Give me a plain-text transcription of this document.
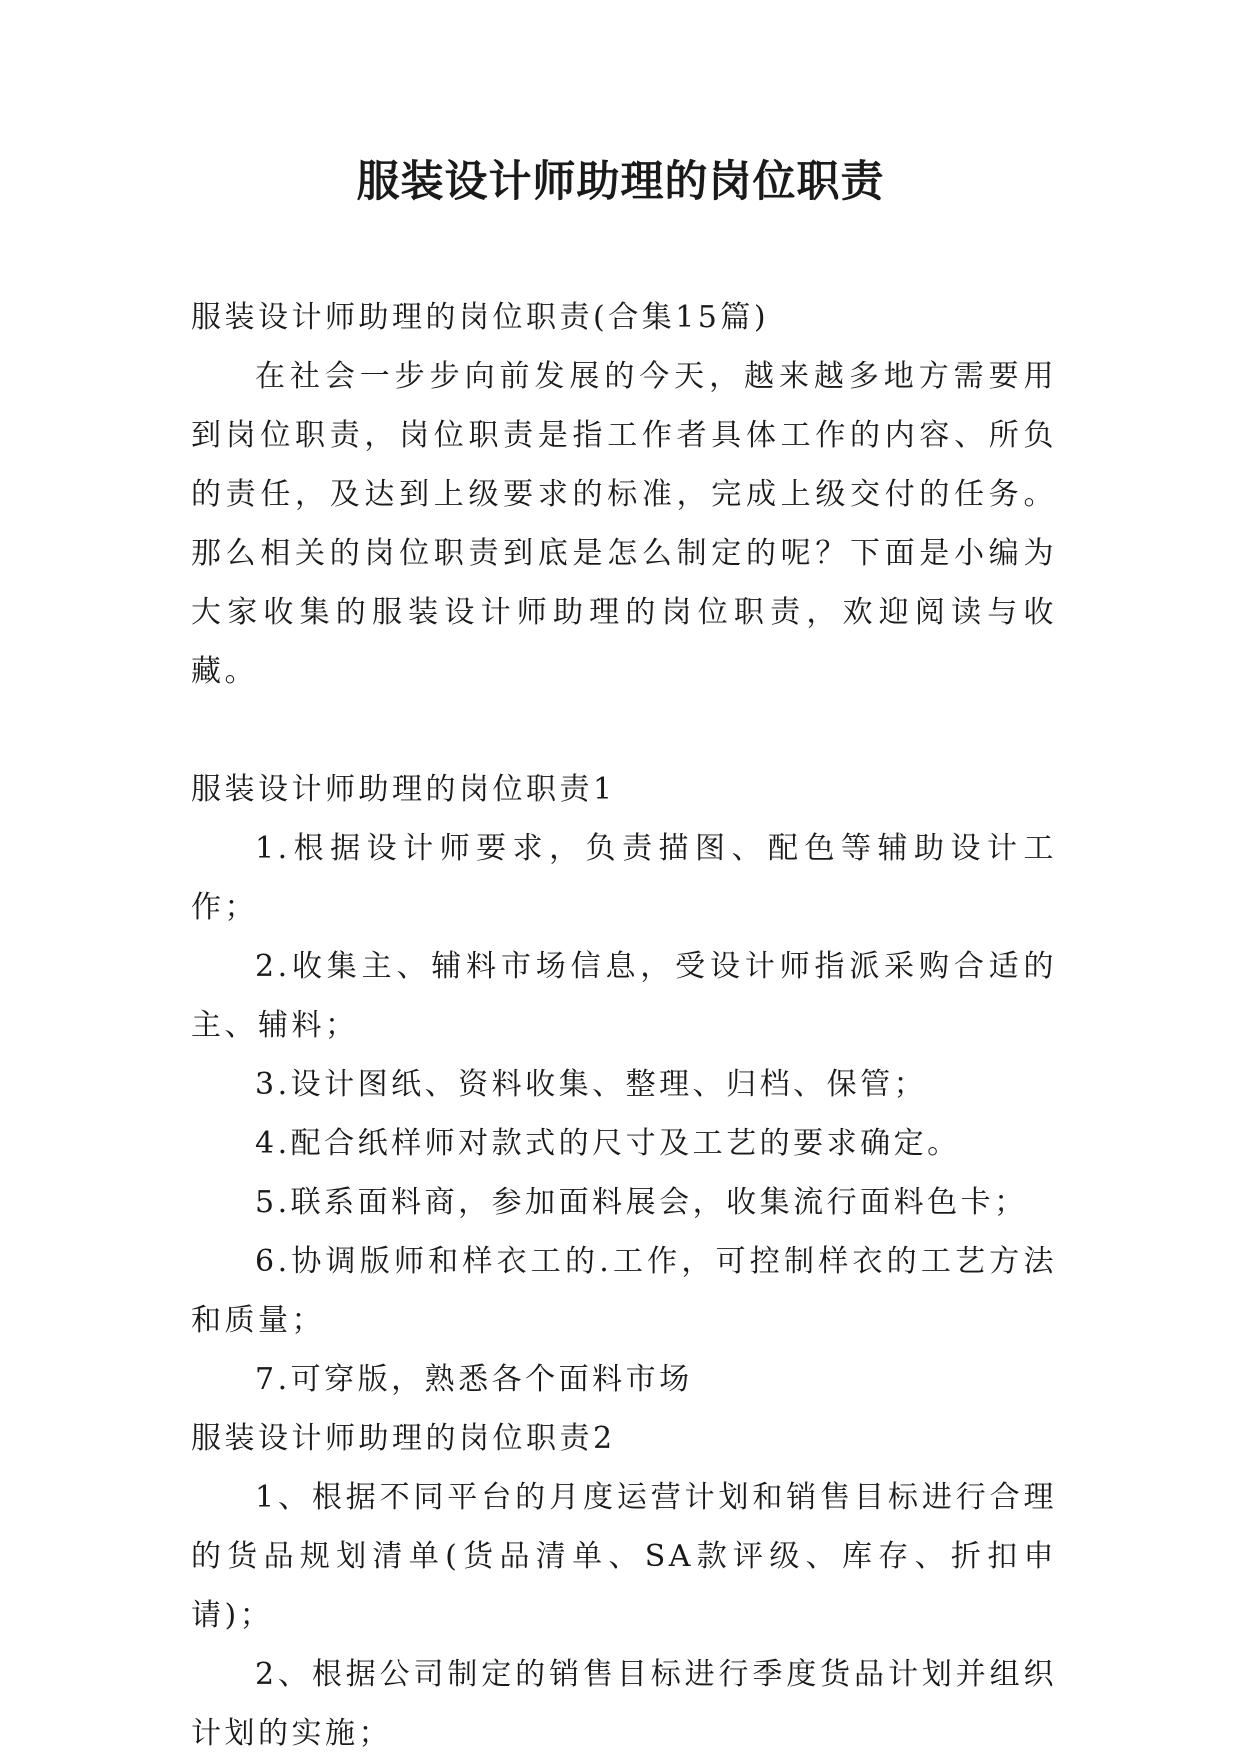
服装设计师助理的岗位职责

服装设计师助理的岗位职责(合集15篇)

在社会一步步向前发展的今天，越来越多地方需要用到岗位职责，岗位职责是指工作者具体工作的内容、所负的责任，及达到上级要求的标准，完成上级交付的任务。那么相关的岗位职责到底是怎么制定的呢？下面是小编为大家收集的服装设计师助理的岗位职责，欢迎阅读与收藏。

服装设计师助理的岗位职责1

1.根据设计师要求，负责描图、配色等辅助设计工作；

2.收集主、辅料市场信息，受设计师指派采购合适的主、辅料；

3.设计图纸、资料收集、整理、归档、保管；

4.配合纸样师对款式的尺寸及工艺的要求确定。

5.联系面料商，参加面料展会，收集流行面料色卡；

6.协调版师和样衣工的.工作，可控制样衣的工艺方法和质量；

7.可穿版，熟悉各个面料市场

服装设计师助理的岗位职责2

1、根据不同平台的月度运营计划和销售目标进行合理的货品规划清单(货品清单、SA款评级、库存、折扣申请)；

2、根据公司制定的销售目标进行季度货品计划并组织计划的实施；
